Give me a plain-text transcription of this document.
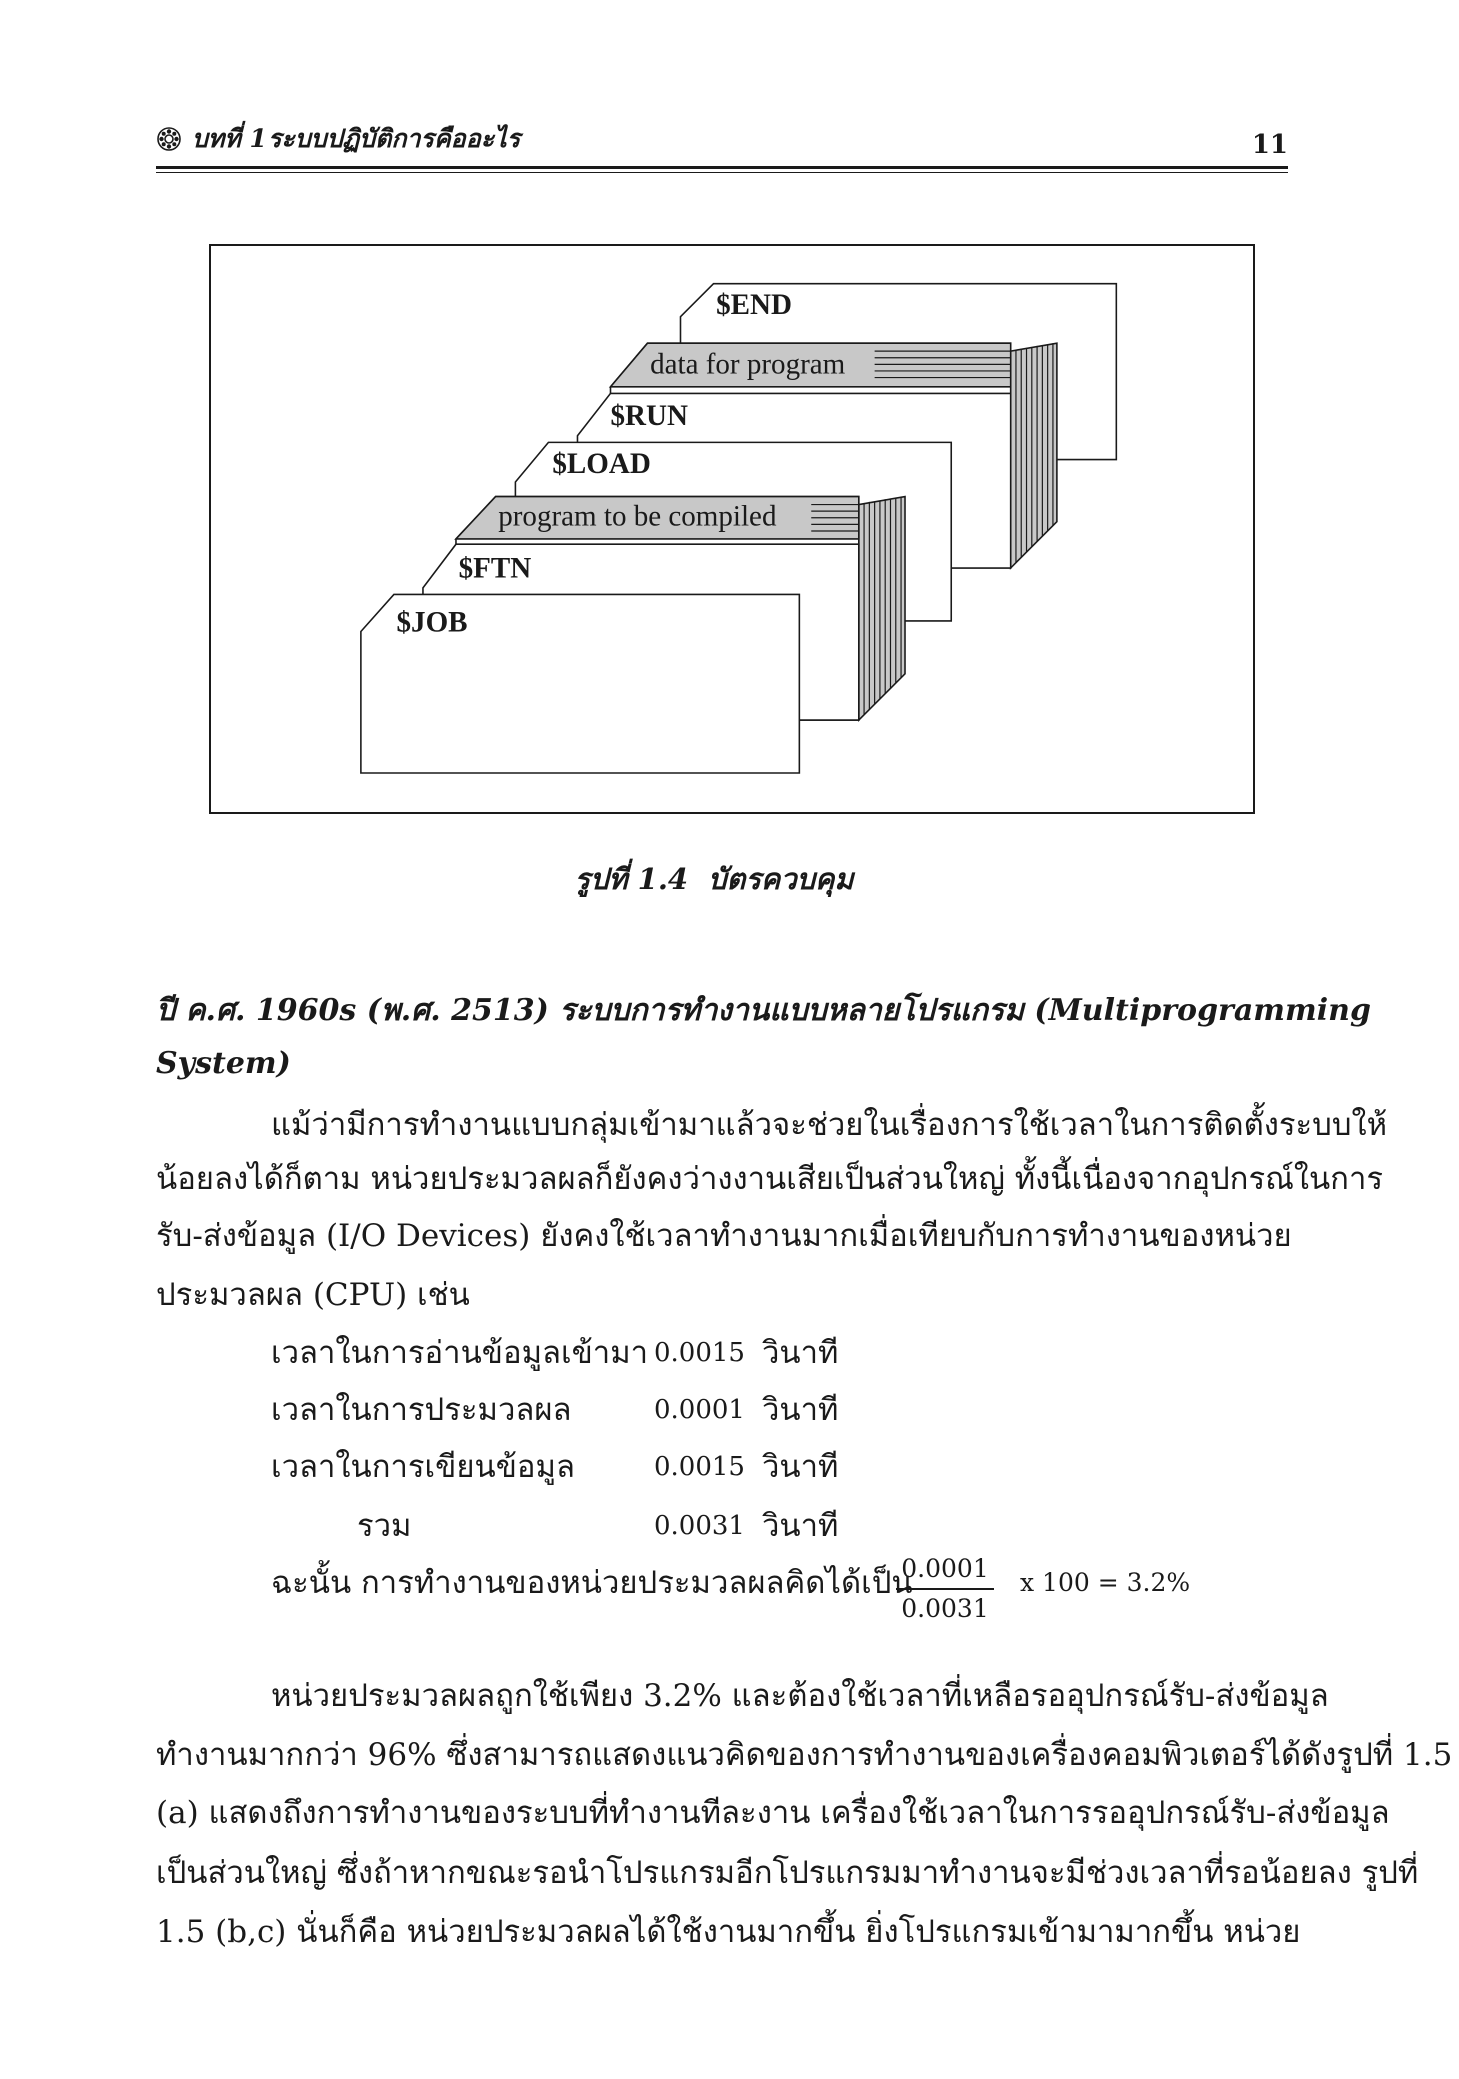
บทที่ 1 ระบบปฏิบัติการคืออะไร	11
$END
data for program
$RUN
$LOAD
program to be compiled
$FTN
$JOB
รูปที่ 1.4 บัตรควบคุม
ปี ค.ศ. 1960s (พ.ศ. 2513) ระบบการทำงานแบบหลายโปรแกรม (Multiprogramming
System)
แม้ว่ามีการทำงานแบบกลุ่มเข้ามาแล้วจะช่วยในเรื่องการใช้เวลาในการติดตั้งระบบให้
น้อยลงได้ก็ตาม หน่วยประมวลผลก็ยังคงว่างงานเสียเป็นส่วนใหญ่ ทั้งนี้เนื่องจากอุปกรณ์ในการ
รับ-ส่งข้อมูล (I/O Devices) ยังคงใช้เวลาทำงานมากเมื่อเทียบกับการทำงานของหน่วย
ประมวลผล (CPU) เช่น
เวลาในการอ่านข้อมูลเข้ามา 0.0015 วินาที
เวลาในการประมวลผล	0.0001 วินาที
เวลาในการเขียนข้อมูล	0.0015 วินาที
รวม	0.0031 วินาที
ฉะนั้น การทำงานของหน่วยประมวลผลคิดได้เป็น
0.0001
0.0031
x 100 = 3.2%
หน่วยประมวลผลถูกใช้เพียง 3.2% และต้องใช้เวลาที่เหลือรออุปกรณ์รับ-ส่งข้อมูล
ทำงานมากกว่า 96% ซึ่งสามารถแสดงแนวคิดของการทำงานของเครื่องคอมพิวเตอร์ได้ดังรูปที่ 1.5
(a) แสดงถึงการทำงานของระบบที่ทำงานทีละงาน เครื่องใช้เวลาในการรออุปกรณ์รับ-ส่งข้อมูล
เป็นส่วนใหญ่ ซึ่งถ้าหากขณะรอนำโปรแกรมอีกโปรแกรมมาทำงานจะมีช่วงเวลาที่รอน้อยลง รูปที่
1.5 (b,c) นั่นก็คือ หน่วยประมวลผลได้ใช้งานมากขึ้น ยิ่งโปรแกรมเข้ามามากขึ้น หน่วย
